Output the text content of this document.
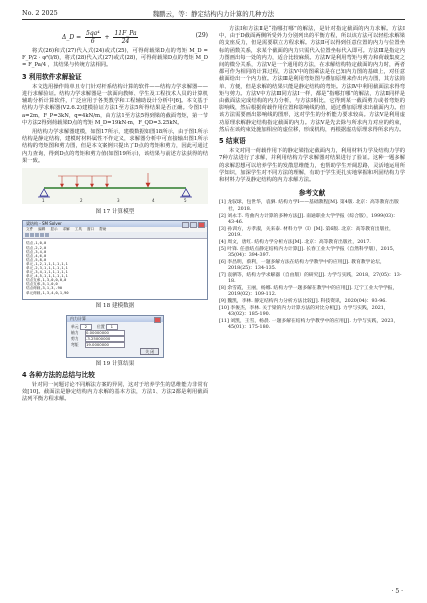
No. 2 2025	魏鹏云，等：静定结构内力计算的几种方法
Δ_D = $\frac{\text{5qa⁴}}{6} + \frac{11F\_Pa}{24}$	(29)

将式(26)和式(27)代入式(24)或式(25)，可得荷载梁D点的弯矩 M_D = F_P/2 · φ²(l/8)，将式(28)代入式(27)或式(28)，可得荷载梁D点的弯矩 M_D = F_Pa/4 ，其结果与传统方法相同。

3 利用软件求解验证

本文选用操作简单且专门针对杆系结构计算的软件——结构力学求解器——进行求解验证。结构力学求解器是一款面向教师、学生及工程技术人员的计算机辅助分析计算软件，广泛应用于各类教学和工程辅助设计分析中[6]。本文基于结构力学求解器(V2.6.2)建模验证方法1至方法5所得结果是否正确。令图1中 a=2m，F_P=3kN，q=4kN/m，由方法1至方法5得到梁的截面弯矩，第一节中方法2得到荷载梁D点的弯矩 M_D=19kN·m，F_QD=3.25kN。

用结构力学求解器建模，如图17所示，建模数据如图18所示，由于图1所示结构是静定结构，建模时材料属性不作定义，求解器分析中可直接输出图1所示结构的弯矩图和剪力图，但是本文案例只提出了D点的弯矩和剪力，因此可通过内力查询，得到D点的弯矩和剪力值(如图19所示)，该结果与前述方法获得的结果一致。

1	2	3	4	5
图 17 计算模型
梁结构 - SM Solver
文件 编辑 显示 求解 工具 窗口 帮助
结点,1,0,0
结点,2,2,0
结点,3,4,0
结点,4,6,0
结点,5,8,0
单元,1,2,1,1,1,1,1,1
单元,2,3,1,1,1,1,1,1
单元,3,4,1,1,1,1,1,1
单元,4,5,1,1,1,1,1,1
结点支承,1,3,0,0,0,0
结点支承,5,1,0,0
结点荷载,3,1,3,-90
单元荷载,1,3,4,0,1,90
图 18 建模数据
内力计算
单元 2	位置 1
轴力 0.00000000
剪力 -3.25000000
弯矩 19.0000000
关 闭
图 19 计算结果
4 各种方法的总结与比较

针对同一问题讨论不同解法方案的异同，这对于培养学生的思维能力非常有效[10]。截面法是静定结构内力求解的基本方法，方法1、方法2都是利用截面法列平衡方程求解。

方法Ⅰ和方法Ⅱ是“指哪打哪”的解法，是针对指定截面的内力求解。方法Ⅰ中，由于D截面两侧所受外力分别列出的平衡方程，所以该方法可以轻松求解梁的支座反力，但是需要联立方程求解。方法Ⅱ可以得到任意位置的内力与位置坐标的函数关系，求某个截面的内力只需代入位置坐标代入即可。方法Ⅲ是指定内力图画出每一处的内力，适合比较麻烦。方法Ⅳ是利用弯矩与剪力和荷载集度之间的微分关系，方法Ⅴ是一个通用的方法，在求解结构特定截面的内力时，两者都可作为相同的计算过程，方法Ⅴ中的图乘法是在已知内力图的基础上，对任意截面给出一个内力值。方法Ⅲ是利用弯矩图与叠加原理来作出内力图，其方法简单、方便，但是求解的结果只能是静定结构的弯矩。方法Ⅳ中利用截面法求得弯矩与剪力。方法Ⅴ中方法Ⅲ同方法Ⅰ一样，都是“指哪打哪”的解法，方法Ⅱ同样是由截面法完成结构的内力分析，与方法Ⅰ相比，它得到某一截面剪力或者弯矩的影响线，然后根据荷载作用位置和影响线的值，通过叠加原理求出截面内力。但该方法需要画出影响线的图形，这对学生的分析能力要求较高。方法Ⅴ是利用虚功原理求解静定结构指定截面的内力。方法Ⅴ是先去除与所求内力对应的约束，然后在该约束处施加相应的虚位移，形成机构，再根据虚功原理求得所求内力。

5 结束语

本文对同一荷载作用下的静定梁指定截面内力，利用材料力学及结构力学的7种方法进行了求解，并利用结构力学求解器对结果进行了验证。这种一题多解的求解思想可以培养学生的发散思维能力，也帮助学生开阔思路，灵活地运用所学知识，加深学生对不同方法的理解，有助于学生更扎实地掌握和巩固结构力学和材料力学及静定结构的内力求解方法。

参考文献
[1] 龙驭球，包世华，袁驷. 结构力学Ⅰ——基础教程[M]. 第4版. 北京：高等教育出版社，2018.
[2] 刘永丰. 弯曲内力计算的多种方法[J]. 南通职业大学学报（综合版），1999(03)：43-46.
[3] 孙训方，方孝淑，关来泰. 材料力学（Ⅰ）[M]. 第6版. 北京：高等教育出版社，2019.
[4] 周文，唐红. 结构力学分析方法[M]. 北京：高等教育出版社，2017.
[5] 叶锋. 任意结点静定结构内力计算[J]. 长春工业大学学报（自然科学版），2015，35(04)：394-397.
[6] 李昌明，蔡利，一题多解方法在结构力学教学中的应用[J]. 教育教学论坛，2018(25)：134-135.
[7] 袁驷等，结构力学求解器（自由版）的研究[J]. 力学与实践，2018，27(05)：13-18.
[8] 余雪霞，王丽，杨娜. 结构力学一题多解在教学中的应用[J]. 辽宁工业大学学报，2019(02)：109-112.
[9] 魏凯，李林. 静定结构内力分析方法比较[J]. 科技资讯，2020(04)：93-96.
[10] 李俊杰，李林. 关于梁的内力计算方法的对比分析[J]. 力学与实践，2021，43(02)：185-190.
[11] 刘凯，王雪，杨晨. 一题多解在结构力学教学中的应用[J]. 力学与实践，2023，45(01)：175-180.
· 5 ·
